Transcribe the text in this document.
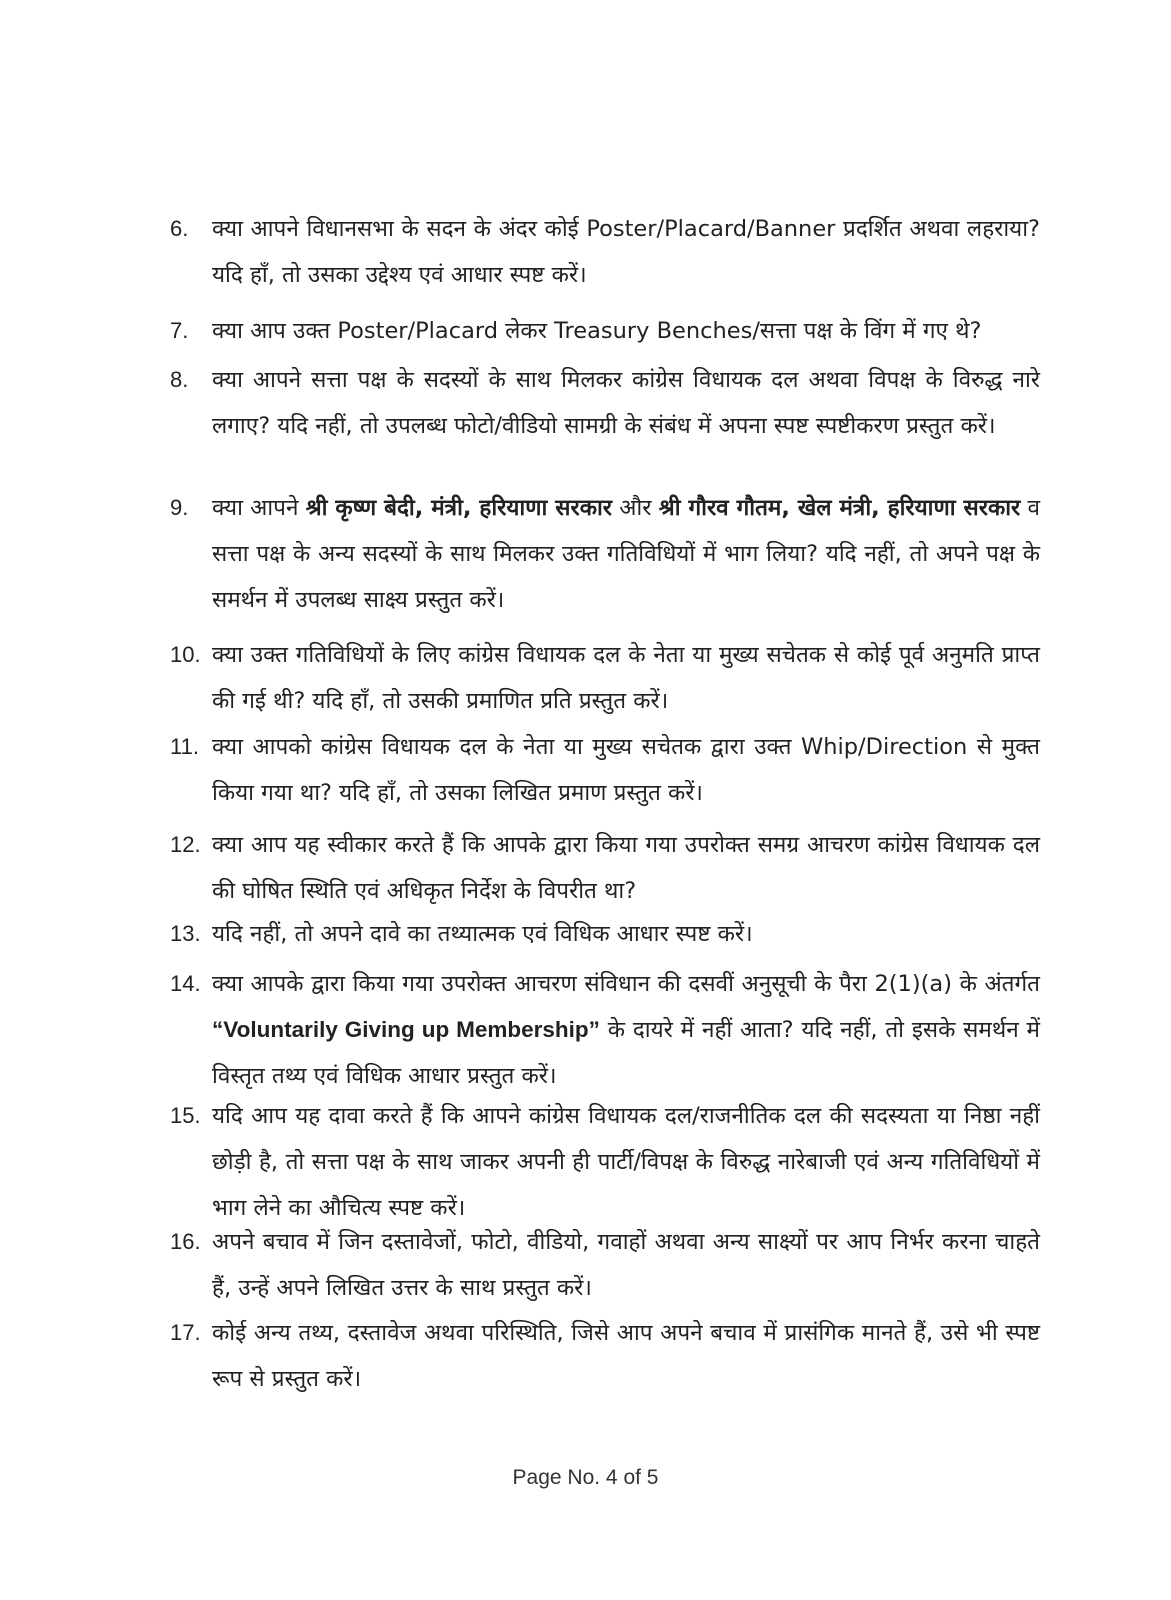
6. क्या आपने विधानसभा के सदन के अंदर कोई Poster/Placard/Banner प्रदर्शित अथवा लहराया? यदि हाँ, तो उसका उद्देश्य एवं आधार स्पष्ट करें।
7. क्या आप उक्त Poster/Placard लेकर Treasury Benches/सत्ता पक्ष के विंग में गए थे?
8. क्या आपने सत्ता पक्ष के सदस्यों के साथ मिलकर कांग्रेस विधायक दल अथवा विपक्ष के विरुद्ध नारे लगाए? यदि नहीं, तो उपलब्ध फोटो/वीडियो सामग्री के संबंध में अपना स्पष्ट स्पष्टीकरण प्रस्तुत करें।
9. क्या आपने श्री कृष्ण बेदी, मंत्री, हरियाणा सरकार और श्री गौरव गौतम, खेल मंत्री, हरियाणा सरकार व सत्ता पक्ष के अन्य सदस्यों के साथ मिलकर उक्त गतिविधियों में भाग लिया? यदि नहीं, तो अपने पक्ष के समर्थन में उपलब्ध साक्ष्य प्रस्तुत करें।
10. क्या उक्त गतिविधियों के लिए कांग्रेस विधायक दल के नेता या मुख्य सचेतक से कोई पूर्व अनुमति प्राप्त की गई थी? यदि हाँ, तो उसकी प्रमाणित प्रति प्रस्तुत करें।
11. क्या आपको कांग्रेस विधायक दल के नेता या मुख्य सचेतक द्वारा उक्त Whip/Direction से मुक्त किया गया था? यदि हाँ, तो उसका लिखित प्रमाण प्रस्तुत करें।
12. क्या आप यह स्वीकार करते हैं कि आपके द्वारा किया गया उपरोक्त समग्र आचरण कांग्रेस विधायक दल की घोषित स्थिति एवं अधिकृत निर्देश के विपरीत था?
13. यदि नहीं, तो अपने दावे का तथ्यात्मक एवं विधिक आधार स्पष्ट करें।
14. क्या आपके द्वारा किया गया उपरोक्त आचरण संविधान की दसवीं अनुसूची के पैरा 2(1)(a) के अंतर्गत “Voluntarily Giving up Membership” के दायरे में नहीं आता? यदि नहीं, तो इसके समर्थन में विस्तृत तथ्य एवं विधिक आधार प्रस्तुत करें।
15. यदि आप यह दावा करते हैं कि आपने कांग्रेस विधायक दल/राजनीतिक दल की सदस्यता या निष्ठा नहीं छोड़ी है, तो सत्ता पक्ष के साथ जाकर अपनी ही पार्टी/विपक्ष के विरुद्ध नारेबाजी एवं अन्य गतिविधियों में भाग लेने का औचित्य स्पष्ट करें।
16. अपने बचाव में जिन दस्तावेजों, फोटो, वीडियो, गवाहों अथवा अन्य साक्ष्यों पर आप निर्भर करना चाहते हैं, उन्हें अपने लिखित उत्तर के साथ प्रस्तुत करें।
17. कोई अन्य तथ्य, दस्तावेज अथवा परिस्थिति, जिसे आप अपने बचाव में प्रासंगिक मानते हैं, उसे भी स्पष्ट रूप से प्रस्तुत करें।
Page No. 4 of 5
